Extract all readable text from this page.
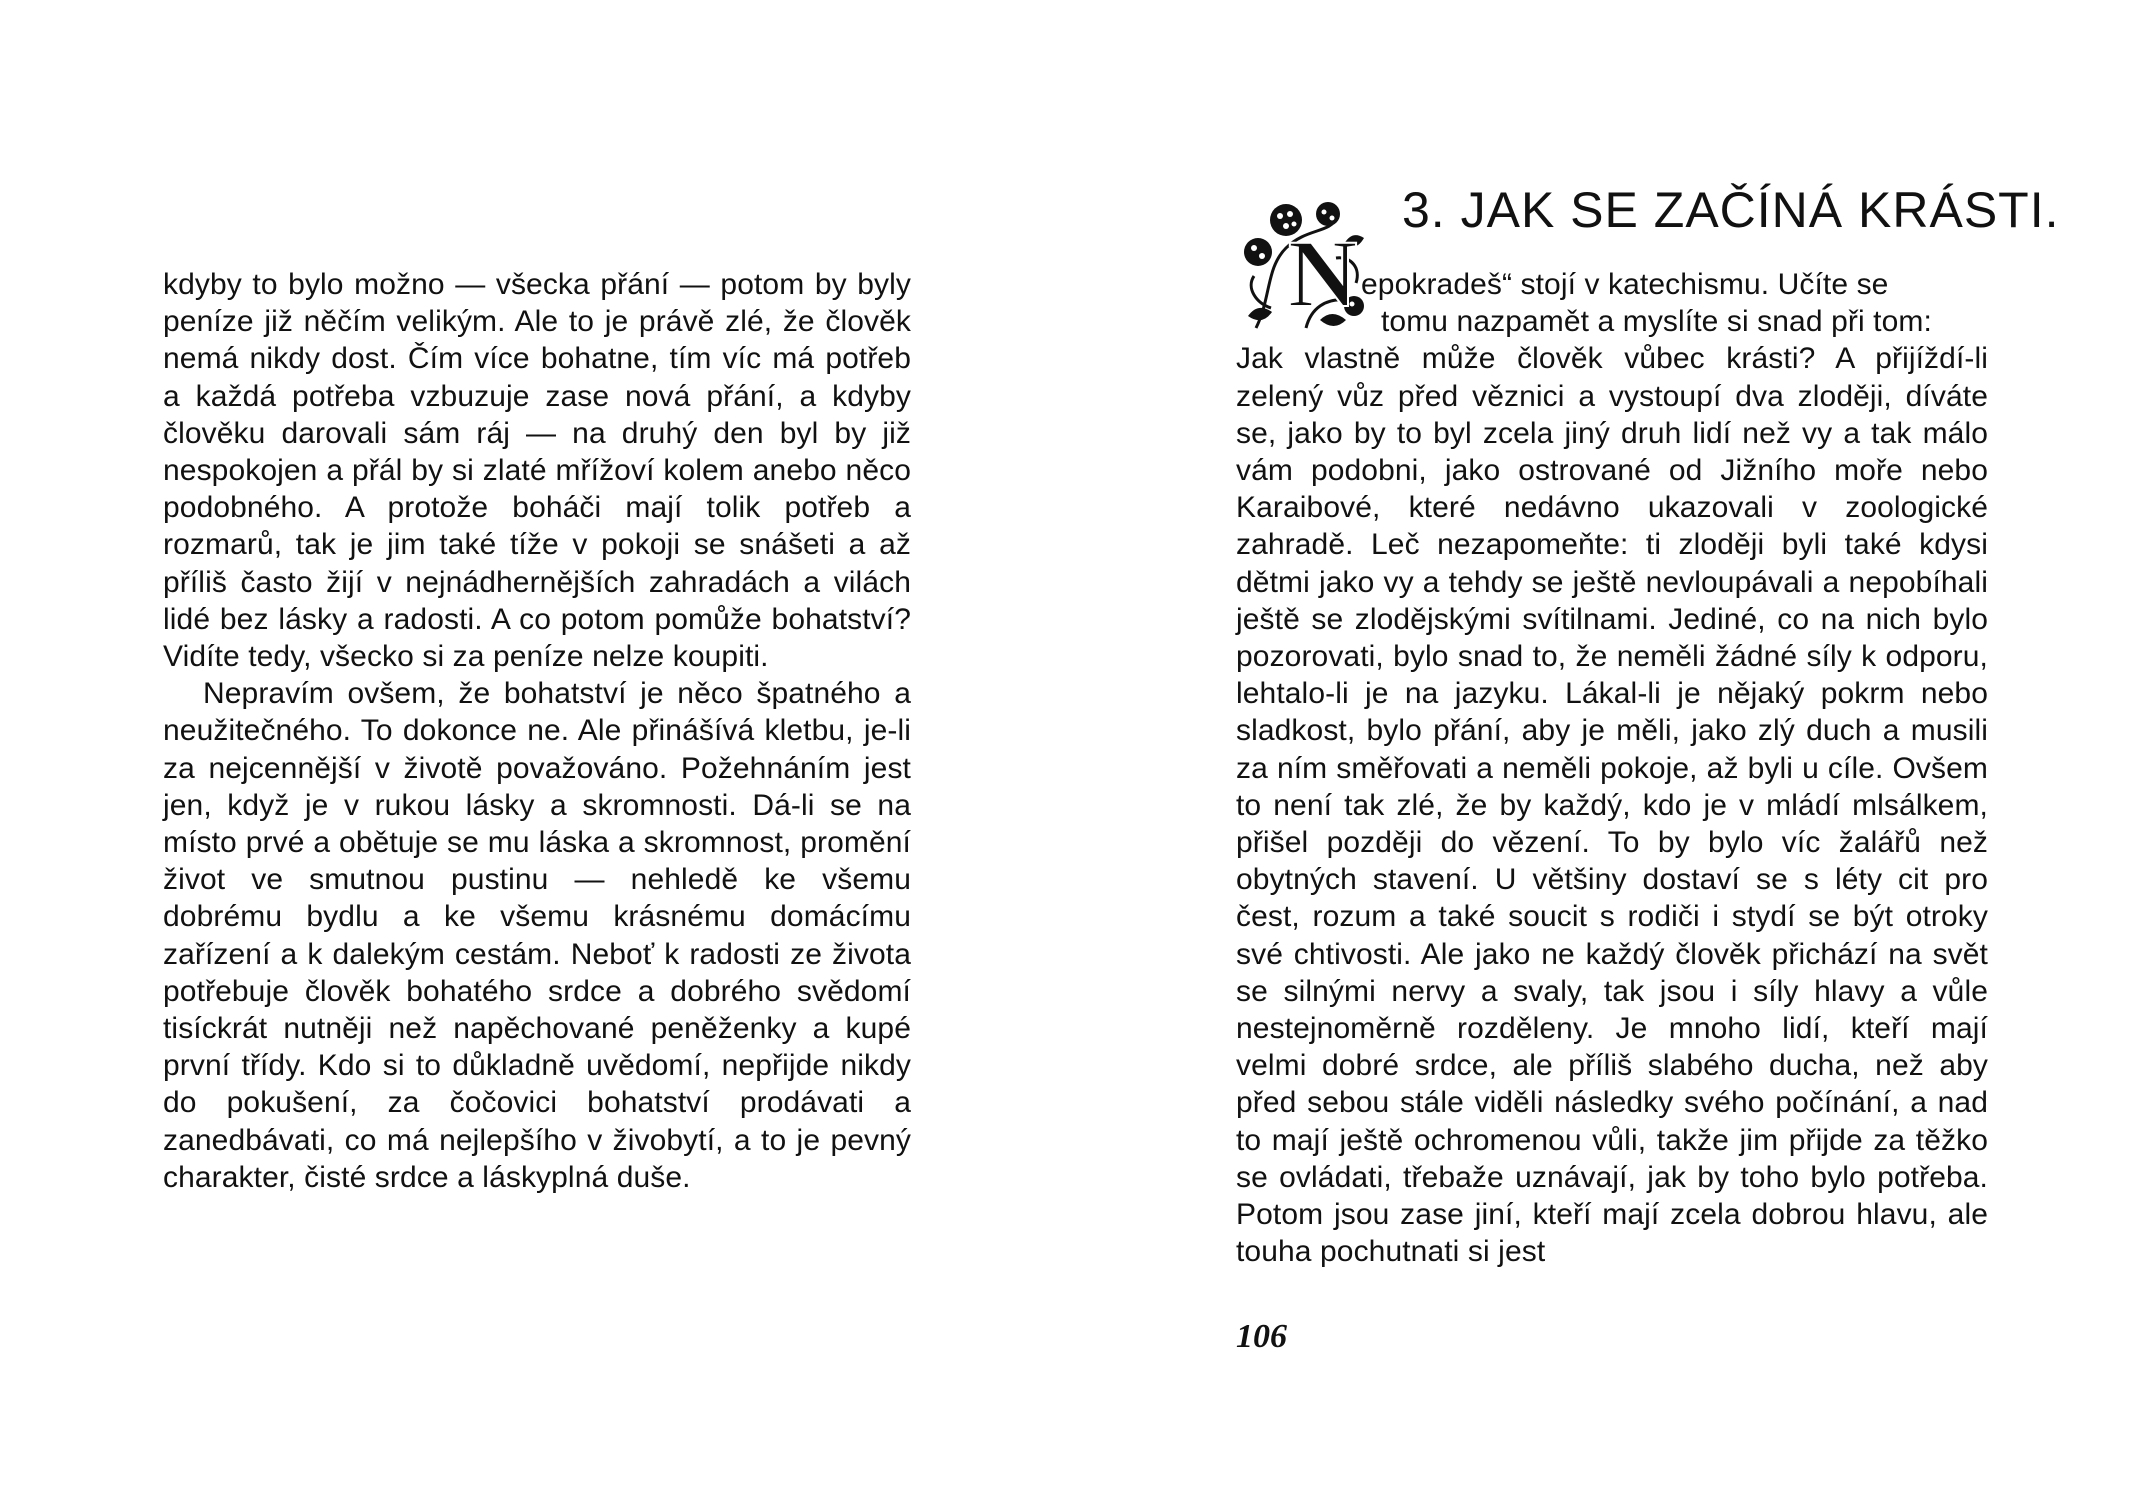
kdyby to bylo možno — všecka přání — potom by byly peníze již něčím velikým. Ale to je právě zlé, že člověk nemá nikdy dost. Čím více bohatne, tím víc má potřeb a každá potřeba vzbuzuje zase nová přání, a kdyby člověku darovali sám ráj — na druhý den byl by již nespokojen a přál by si zlaté mřížoví kolem anebo něco podobného. A protože boháči mají tolik potřeb a rozmarů, tak je jim také tíže v pokoji se snášeti a až příliš často žijí v nejnádhernějších zahradách a vilách lidé bez lásky a radosti. A co potom pomůže bohatství? Vidíte tedy, všecko si za peníze nelze koupiti.

Nepravím ovšem, že bohatství je něco špatného a neužitečného. To dokonce ne. Ale přinášívá kletbu, je-li za nejcennější v životě považováno. Požehnáním jest jen, když je v rukou lásky a skromnosti. Dá-li se na místo prvé a obětuje se mu láska a skromnost, promění život ve smutnou pustinu — nehledě ke všemu dobrému bydlu a ke všemu krásnému domácímu zařízení a k dalekým cestám. Neboť k radosti ze života potřebuje člověk bohatého srdce a dobrého svědomí tisíckrát nutněji než napěchované peněženky a kupé první třídy. Kdo si to důkladně uvědomí, nepřijde nikdy do pokušení, za čočovici bohatství prodávati a zanedbávati, co má nejlepšího v živobytí, a to je pevný charakter, čisté srdce a láskyplná duše.

3. JAK SE ZAČÍNÁ KRÁSTI.
N epokradeš“ stojí v katechismu. Učíte se
tomu nazpamět a myslíte si snad při tom:

Jak vlastně může člověk vůbec krásti? A přijíždí-li zelený vůz před věznici a vystoupí dva zloději, díváte se, jako by to byl zcela jiný druh lidí než vy a tak málo vám podobni, jako ostrované od Jižního moře nebo Karaibové, které nedávno ukazovali v zoologické zahradě. Leč nezapomeňte: ti zloději byli také kdysi dětmi jako vy a tehdy se ještě nevloupávali a nepobíhali ještě se zlodějskými svítilnami. Jediné, co na nich bylo pozorovati, bylo snad to, že neměli žádné síly k odporu, lehtalo-li je na jazyku. Lákal-li je nějaký pokrm nebo sladkost, bylo přání, aby je měli, jako zlý duch a musili za ním směřovati a neměli pokoje, až byli u cíle. Ovšem to není tak zlé, že by každý, kdo je v mládí mlsálkem, přišel později do vězení. To by bylo víc žalářů než obytných stavení. U většiny dostaví se s léty cit pro čest, rozum a také soucit s rodiči i stydí se být otroky své chtivosti. Ale jako ne každý člověk přichází na svět se silnými nervy a svaly, tak jsou i síly hlavy a vůle nestejnoměrně rozděleny. Je mnoho lidí, kteří mají velmi dobré srdce, ale příliš slabého ducha, než aby před sebou stále viděli následky svého počínání, a nad to mají ještě ochromenou vůli, takže jim přijde za těžko se ovládati, třebaže uznávají, jak by toho bylo potřeba. Potom jsou zase jiní, kteří mají zcela dobrou hlavu, ale touha pochutnati si jest

106
